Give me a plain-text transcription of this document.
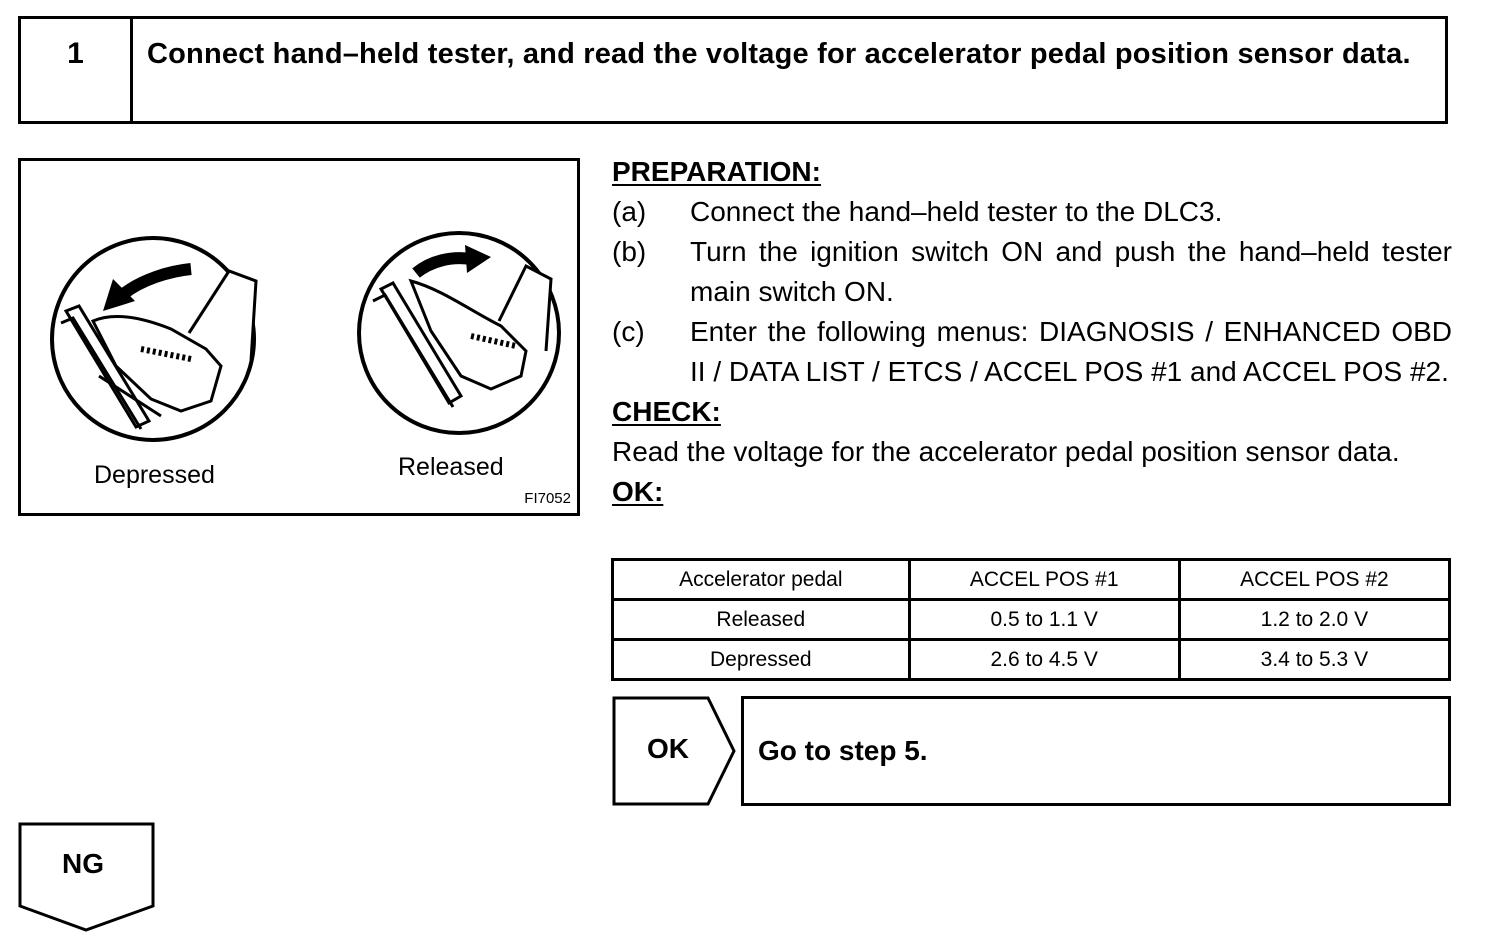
1	Connect hand–held tester, and read the voltage for accelerator pedal position sensor data.
Depressed	Released
FI7052
PREPARATION:
(a) Connect the hand–held tester to the DLC3.
(b) Turn the ignition switch ON and push the hand–held tester main switch ON.
(c) Enter the following menus: DIAGNOSIS / ENHANCED OBD II / DATA LIST / ETCS / ACCEL POS #1 and ACCEL POS #2.
CHECK:
Read the voltage for the accelerator pedal position sensor data.
OK:
Accelerator pedal	ACCEL POS #1	ACCEL POS #2
Released	0.5 to 1.1 V	1.2 to 2.0 V
Depressed	2.6 to 4.5 V	3.4 to 5.3 V
OK Go to step 5.
NG
